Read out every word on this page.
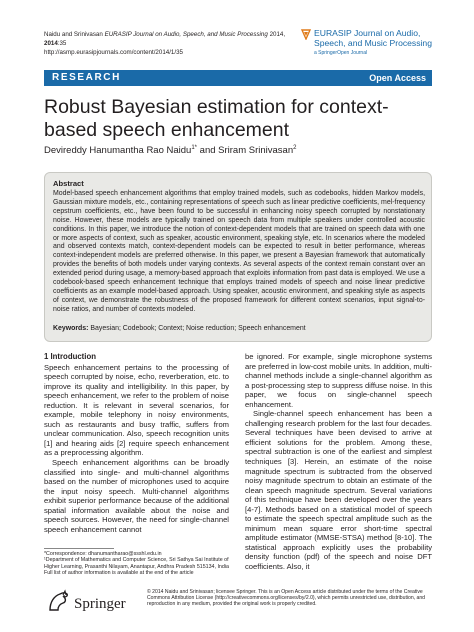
Naidu and Srinivasan EURASIP Journal on Audio, Speech, and Music Processing 2014, 2014:35
http://asmp.eurasipjournals.com/content/2014/1/35
EURASIP Journal on Audio, Speech, and Music Processing
a SpringerOpen Journal
RESEARCH	Open Access
Robust Bayesian estimation for context-based speech enhancement
Devireddy Hanumantha Rao Naidu$^{1*}$ and Sriram Srinivasan$^2$
Abstract
Model-based speech enhancement algorithms that employ trained models, such as codebooks, hidden Markov models, Gaussian mixture models, etc., containing representations of speech such as linear predictive coefficients, mel-frequency cepstrum coefficients, etc., have been found to be successful in enhancing noisy speech corrupted by nonstationary noise. However, these models are typically trained on speech data from multiple speakers under controlled acoustic conditions. In this paper, we introduce the notion of context-dependent models that are trained on speech data with one or more aspects of context, such as speaker, acoustic environment, speaking style, etc. In scenarios where the modeled and observed contexts match, context-dependent models can be expected to result in better performance, whereas context-independent models are preferred otherwise. In this paper, we present a Bayesian framework that automatically provides the benefits of both models under varying contexts. As several aspects of the context remain constant over an extended period during usage, a memory-based approach that exploits information from past data is employed. We use a codebook-based speech enhancement technique that employs trained models of speech and noise linear predictive coefficients as an example model-based approach. Using speaker, acoustic environment, and speaking style as aspects of context, we demonstrate the robustness of the proposed framework for different context scenarios, input signal-to-noise ratios, and number of contexts modeled.
Keywords: Bayesian; Codebook; Context; Noise reduction; Speech enhancement
1 Introduction

Speech enhancement pertains to the processing of speech corrupted by noise, echo, reverberation, etc. to improve its quality and intelligibility. In this paper, by speech enhancement, we refer to the problem of noise reduction. It is relevant in several scenarios, for example, mobile telephony in noisy environments, such as restaurants and busy traffic, suffers from unclear communication. Also, speech recognition units [1] and hearing aids [2] require speech enhancement as a preprocessing algorithm.

Speech enhancement algorithms can be broadly classified into single- and multi-channel algorithms based on the number of microphones used to acquire the input noisy speech. Multi-channel algorithms exhibit superior performance because of the additional spatial information available about the noise and speech sources. However, the need for single-channel speech enhancement cannot

be ignored. For example, single microphone systems are preferred in low-cost mobile units. In addition, multi-channel methods include a single-channel algorithm as a post-processing step to suppress diffuse noise. In this paper, we focus on single-channel speech enhancement.

Single-channel speech enhancement has been a challenging research problem for the last four decades. Several techniques have been devised to arrive at efficient solutions for the problem. Among these, spectral subtraction is one of the earliest and simplest techniques [3]. Herein, an estimate of the noise magnitude spectrum is subtracted from the observed noisy magnitude spectrum to obtain an estimate of the clean speech magnitude spectrum. Several variations of this technique have been developed over the years [4-7]. Methods based on a statistical model of speech to estimate the speech spectral amplitude such as the minimum mean square error short-time spectral amplitude estimator (MMSE-STSA) method [8-10]. The statistical approach explicitly uses the probability density function (pdf) of the speech and noise DFT coefficients. Also, it

*Correspondence: dhanumantharao@ssshl.edu.in
¹Department of Mathematics and Computer Science, Sri Sathya Sai Institute of Higher Learning, Prasanthi Nilayam, Anantapur, Andhra Pradesh 515134, India
Full list of author information is available at the end of the article
Springer
© 2014 Naidu and Srinivasan; licensee Springer. This is an Open Access article distributed under the terms of the Creative Commons Attribution License (http://creativecommons.org/licenses/by/2.0), which permits unrestricted use, distribution, and reproduction in any medium, provided the original work is properly credited.
